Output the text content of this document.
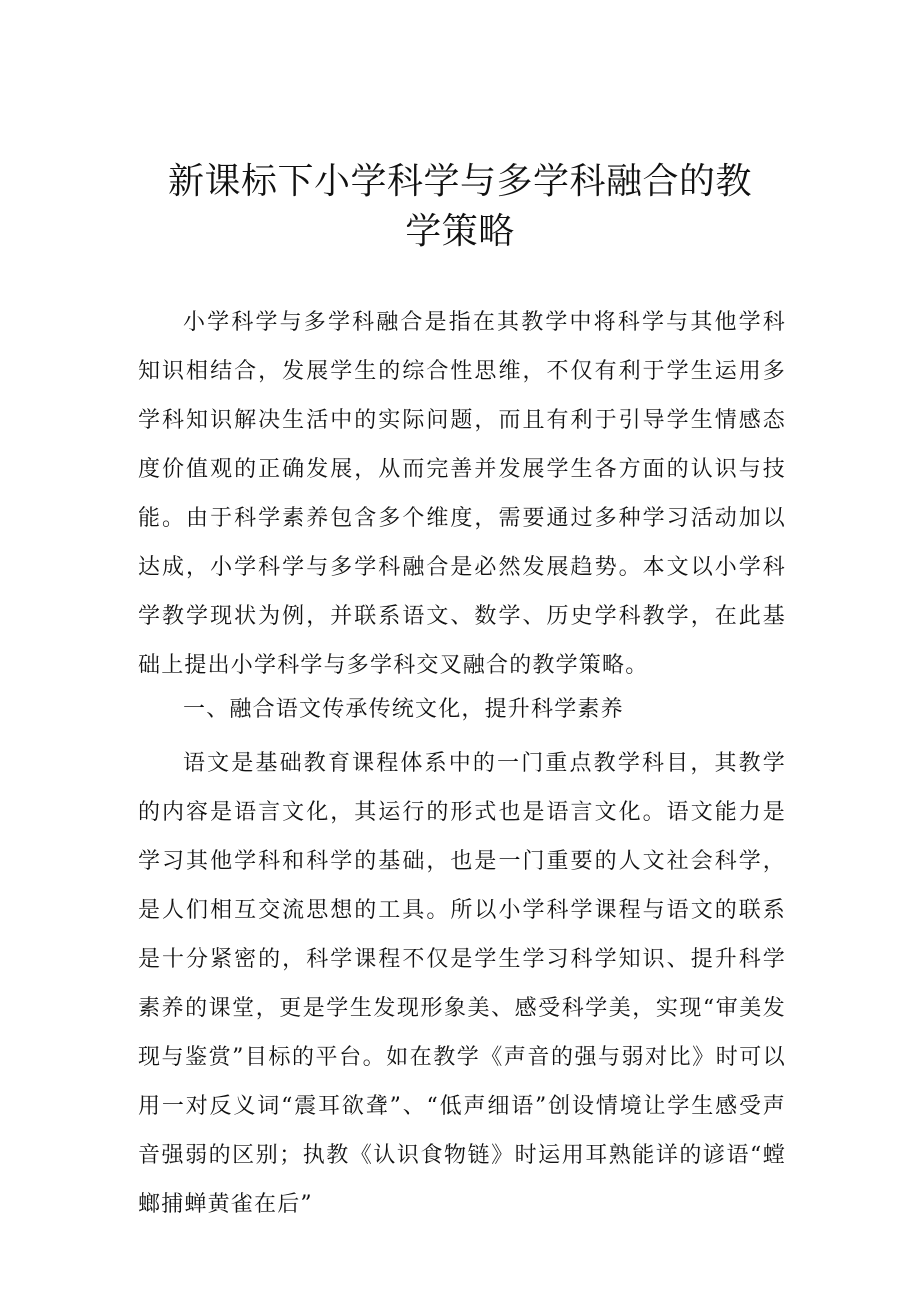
新课标下小学科学与多学科融合的教学策略

小学科学与多学科融合是指在其教学中将科学与其他学科知识相结合，发展学生的综合性思维，不仅有利于学生运用多学科知识解决生活中的实际问题，而且有利于引导学生情感态度价值观的正确发展，从而完善并发展学生各方面的认识与技能。由于科学素养包含多个维度，需要通过多种学习活动加以达成，小学科学与多学科融合是必然发展趋势。本文以小学科学教学现状为例，并联系语文、数学、历史学科教学，在此基础上提出小学科学与多学科交叉融合的教学策略。

一、融合语文传承传统文化，提升科学素养

语文是基础教育课程体系中的一门重点教学科目，其教学的内容是语言文化，其运行的形式也是语言文化。语文能力是学习其他学科和科学的基础，也是一门重要的人文社会科学，是人们相互交流思想的工具。所以小学科学课程与语文的联系是十分紧密的，科学课程不仅是学生学习科学知识、提升科学素养的课堂，更是学生发现形象美、感受科学美，实现“审美发现与鉴赏”目标的平台。如在教学《声音的强与弱对比》时可以用一对反义词“震耳欲聋”、“低声细语”创设情境让学生感受声音强弱的区别；执教《认识食物链》时运用耳熟能详的谚语“螳螂捕蝉黄雀在后”
